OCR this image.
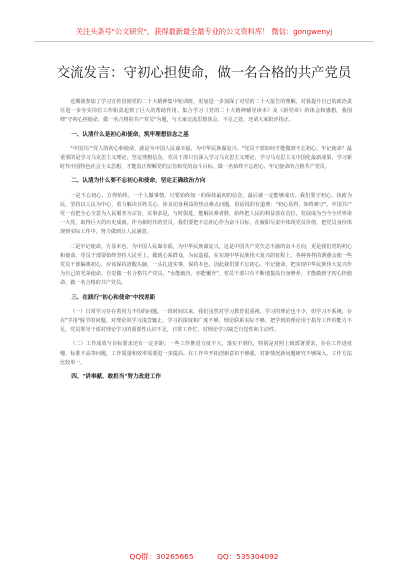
关注头条号"公文研究"，获得最新最全最专业的公文资料库！ 微信：gongwenyj
交流发言：守初心担使命，做一名合格的共产党员

近期我参加了学习宣传贯彻党的二十大精神集中轮训班，更加进一步加深了对党的二十大报告的理解。对我提升自已的政治责任进一步夯实岗位工作职责起到了巨大的帮助作用。集合学习《党的二十大精神辅导读本》及《新党章》的体会和感想，我围绕"守初心担使命，做一名合格的共产党员"为题，与大家交流思想体会，不足之处，还请大家批评指正。

一、认清什么是初心和使命，筑牢理想信念之基

"中国共产党人的初心和使命，就是为中国人民谋幸福，为中华民族谋复兴。"党员干部如何才能做到不忘初心、牢记使命？最重要的是学习马克思主义理论，坚定理想信念。党员干部只有深入学习马克思主义理论，学习马克思主义中国化最新成果，学习新时代中国特色社会主义思想，才能真正理解党的宗旨和党的奋斗目标，做一名始终不忘初心、牢记使命的合格共产党员。

二、认清为什么要不忘初心和使命，坚定正确政治方向

一是不忘初心，方得始终。一个人做事情，只要始终如一的保持最初的信念，最后就一定能够成功。我们要守初心，执政为民，坚持以人民为中心，着力解决百姓关心、涉及切身利益的热点难点问题。俗话说的有道理："初心易得，始终难守"。中国共产党一直把全心全意为人民服务为宗旨，实事求是，与时俱进，能解民难者胜，始终把人民的利益放在首位，发展成为当今全世界第一大党，取得巨大的历史成就。作为新时代的党员，我们要把不忘初心作为奋斗目标，在履职尽责中体现党员价值，把党员身份体现到实际工作中，努力做到让人民满意。

二是牢记使命，方显本色。为中国人民谋幸福，为中华民族谋复兴，这是中国共产党矢志不渝的奋斗方向，更是我们党的初心和使命。党员干部要始终坚持人民至上，做到心系群众，为民造福，在实现中华民族伟大复兴的征程上，各种各样的诱惑会使一些党员干部偏离初心，应该保持清醒头脑，一头扎进实事，保持本色。因此我们要不忘初心、牢记使命，把实现中华民族伟大复兴作为自己的光荣使命，自觉做一名合格共产党员。"水能载舟，亦能覆舟"，党员干部只有不断地提高自身修养，才能做到守初心担使命，做一名合格的共产党员。

三、在践行"初心和使命"中找差距

（一）日常学习存在着用力不均的问题。一段时间以来，我们虽然对学习教育很重视，学习的理论也不少，但学习不系统，存在"学用"脱节的问题，对理论的学习浅尝辄止，学习的深度和广度不够，理论联系实际不够，把学到的理论用于指导工作的能力不足。党员领导干部对理论学习的重要性认识不足，日常工作忙，对理论学习缺乏自觉性和主动性。

（二）工作成效与目标要求还有一定差距。一些工作推进力度不大，落实不到位，特别是对照上级部署要求，存在工作进度慢、标准不高等问题，工作质量和效率需要进一步提高。在工作中开拓创新意识不够强，对新情况新问题研究不够深入，工作方法比较单一。

四、"讲奉献、敢担当"努力改进工作

QQ群：30265665	QQ：535304092
